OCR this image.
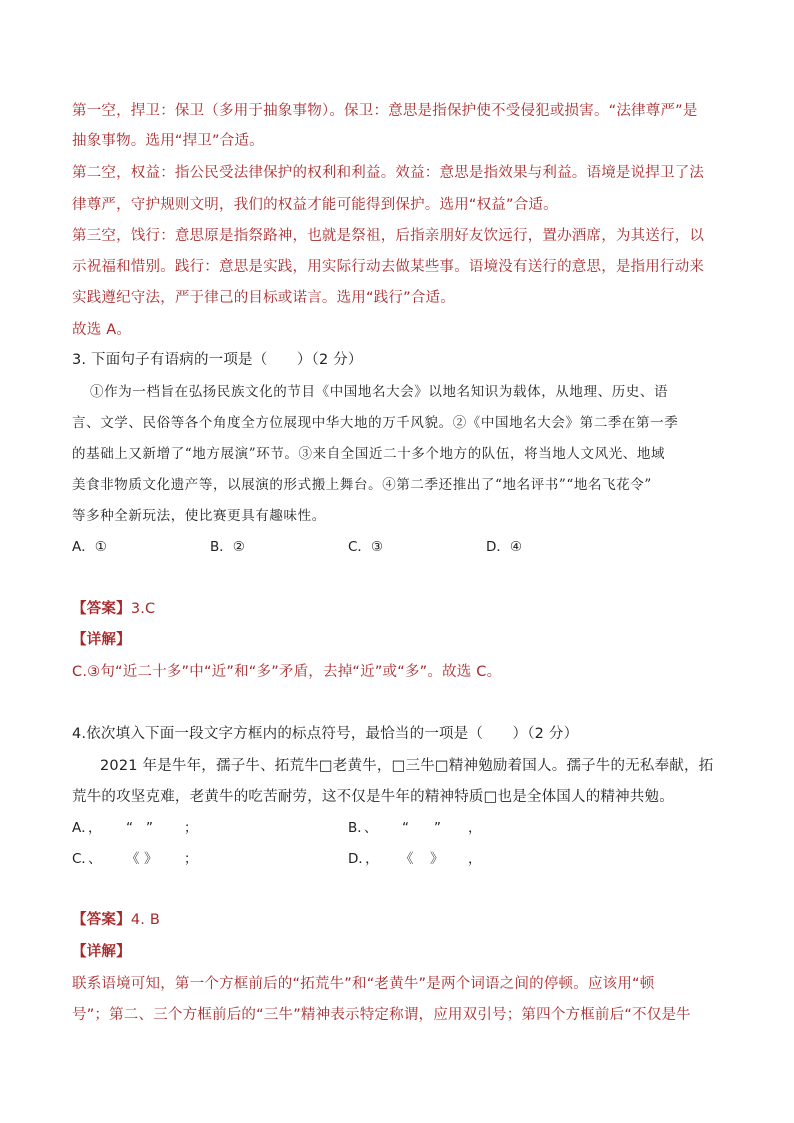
第一空，捍卫：保卫（多用于抽象事物）。保卫：意思是指保护使不受侵犯或损害。“法律尊严”是
抽象事物。选用“捍卫”合适。
第二空，权益：指公民受法律保护的权利和利益。效益：意思是指效果与利益。语境是说捍卫了法
律尊严，守护规则文明，我们的权益才能可能得到保护。选用“权益”合适。
第三空，饯行：意思原是指祭路神，也就是祭祖，后指亲朋好友饮远行，置办酒席，为其送行，以
示祝福和惜别。践行：意思是实践，用实际行动去做某些事。语境没有送行的意思，是指用行动来
实践遵纪守法，严于律己的目标或诺言。选用“践行”合适。
故选 A。
3. 下面句子有语病的一项是（　　）（2 分）
①作为一档旨在弘扬民族文化的节目《中国地名大会》以地名知识为载体，从地理、历史、语
言、文学、民俗等各个角度全方位展现中华大地的万千风貌。②《中国地名大会》第二季在第一季
的基础上又新增了“地方展演”环节。③来自全国近二十多个地方的队伍，将当地人文风光、地域
美食非物质文化遗产等，以展演的形式搬上舞台。④第二季还推出了“地名评书”“地名飞花令”
等多种全新玩法，使比赛更具有趣味性。
A．①	B．②	C．③	D．④
【答案】3.C
【详解】
C.③句“近二十多”中“近”和“多”矛盾，去掉“近”或“多”。故选 C。
4.依次填入下面一段文字方框内的标点符号，最恰当的一项是（　　）（2 分）
2021 年是牛年，孺子牛、拓荒牛□老黄牛，□三牛□精神勉励着国人。孺子牛的无私奉献，拓
荒牛的攻坚克难，老黄牛的吃苦耐劳，这不仅是牛年的精神特质□也是全体国人的精神共勉。
A．， “ ” ；	B．、 “ ” ，
C．、 《 》 ；	D．， 《 》 ，
【答案】4. B
【详解】
联系语境可知，第一个方框前后的“拓荒牛”和“老黄牛”是两个词语之间的停顿。应该用“顿
号”；第二、三个方框前后的“三牛”精神表示特定称谓，应用双引号；第四个方框前后“不仅是牛
